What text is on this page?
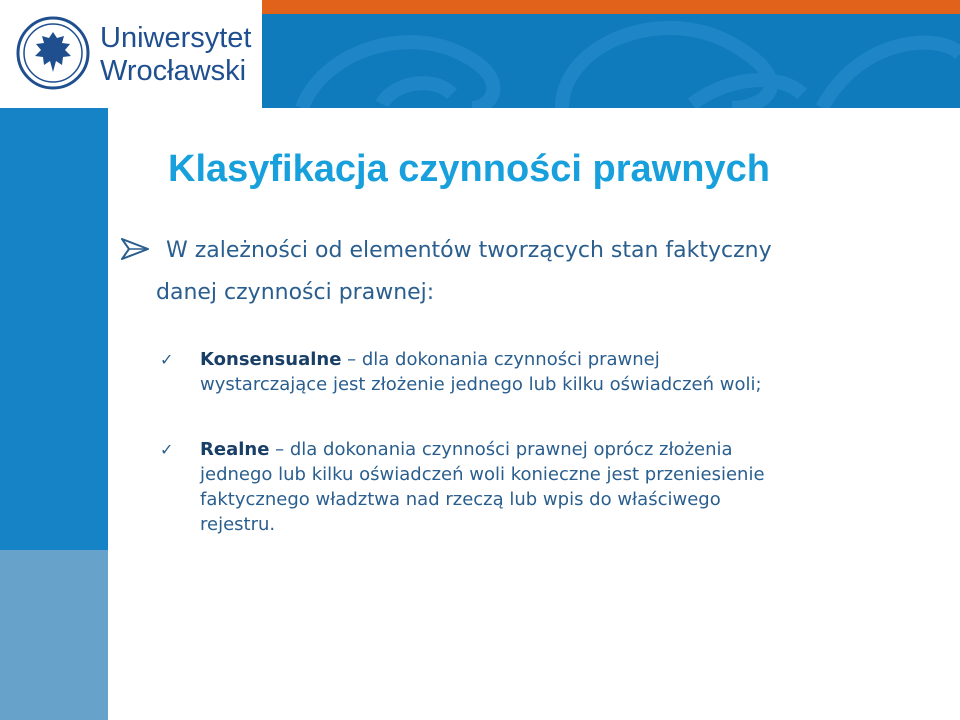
Uniwersytet
Wrocławski
Klasyfikacja czynności prawnych
W zależności od elementów tworzących stan faktyczny
danej czynności prawnej:
✓ Konsensualne – dla dokonania czynności prawnej
wystarczające jest złożenie jednego lub kilku oświadczeń woli;
✓ Realne – dla dokonania czynności prawnej oprócz złożenia
jednego lub kilku oświadczeń woli konieczne jest przeniesienie
faktycznego władztwa nad rzeczą lub wpis do właściwego
rejestru.
